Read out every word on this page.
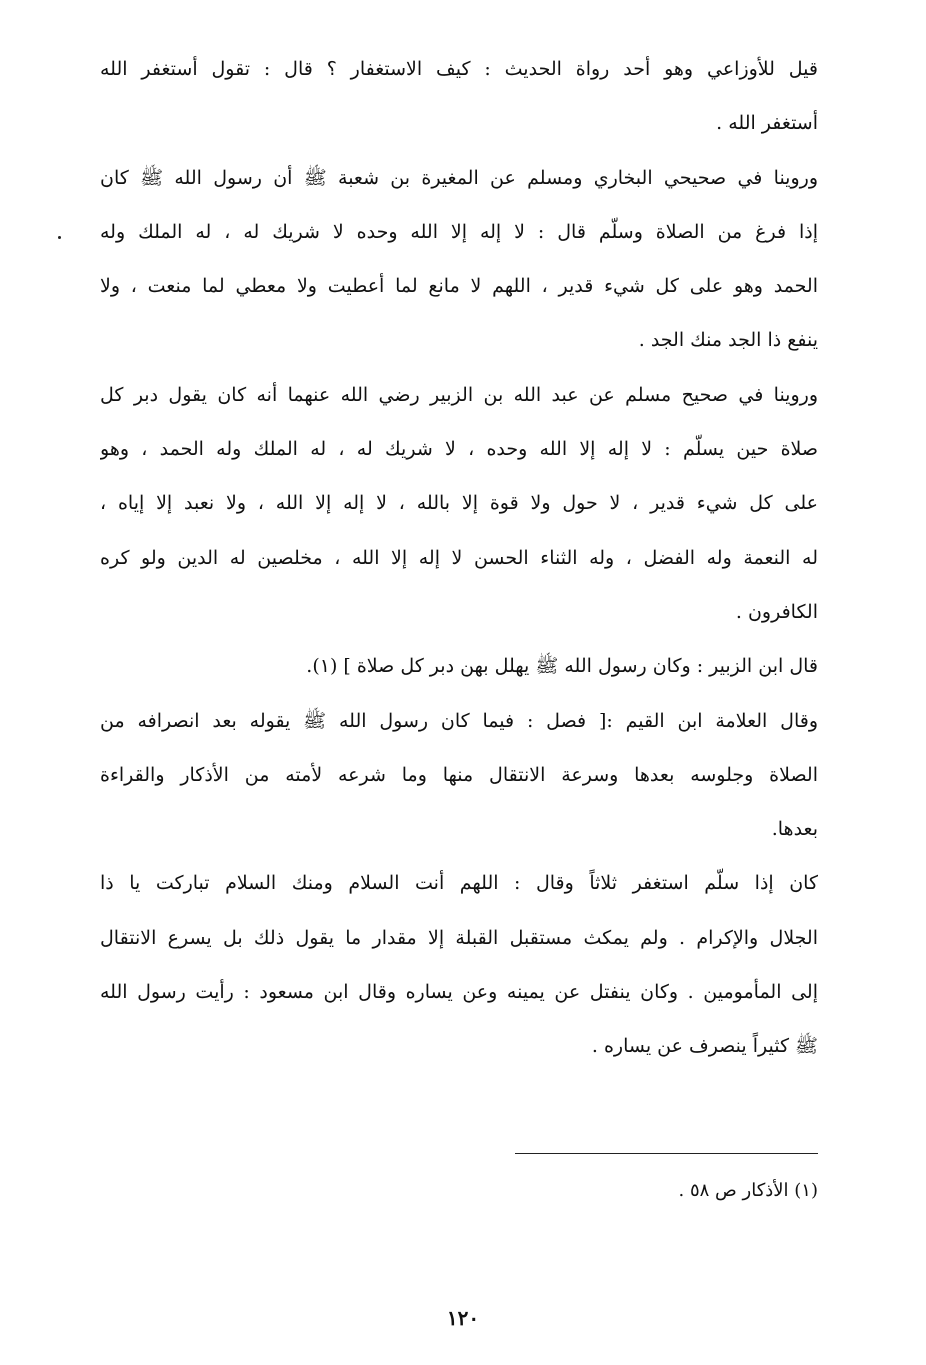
قيل للأوزاعي وهو أحد رواة الحديث : كيف الاستغفار ؟ قال : تقول أستغفر الله
أستغفر الله .
وروينا في صحيحي البخاري ومسلم عن المغيرة بن شعبة ﷺ أن رسول الله ﷺ كان
إذا فرغ من الصلاة وسلّم قال : لا إله إلا الله وحده لا شريك له ، له الملك وله
الحمد وهو على كل شيء قدير ، اللهم لا مانع لما أعطيت ولا معطي لما منعت ، ولا
ينفع ذا الجد منك الجد .
وروينا في صحيح مسلم عن عبد الله بن الزبير رضي الله عنهما أنه كان يقول دبر كل
صلاة حين يسلّم : لا إله إلا الله وحده ، لا شريك له ، له الملك وله الحمد ، وهو
على كل شيء قدير ، لا حول ولا قوة إلا بالله ، لا إله إلا الله ، ولا نعبد إلا إياه ،
له النعمة وله الفضل ، وله الثناء الحسن لا إله إلا الله ، مخلصين له الدين ولو كره
الكافرون .
قال ابن الزبير : وكان رسول الله ﷺ يهلل بهن دبر كل صلاة ] (١).
وقال العلامة ابن القيم :[ فصل : فيما كان رسول الله ﷺ يقوله بعد انصرافه من
الصلاة وجلوسه بعدها وسرعة الانتقال منها وما شرعه لأمته من الأذكار والقراءة
بعدها.
كان إذا سلّم استغفر ثلاثاً وقال : اللهم أنت السلام ومنك السلام تباركت يا ذا
الجلال والإكرام . ولم يمكث مستقبل القبلة إلا مقدار ما يقول ذلك بل يسرع الانتقال
إلى المأمومين . وكان ينفتل عن يمينه وعن يساره وقال ابن مسعود : رأيت رسول الله
ﷺ كثيراً ينصرف عن يساره .
(١) الأذكار ص ٥٨ .
١٢٠
